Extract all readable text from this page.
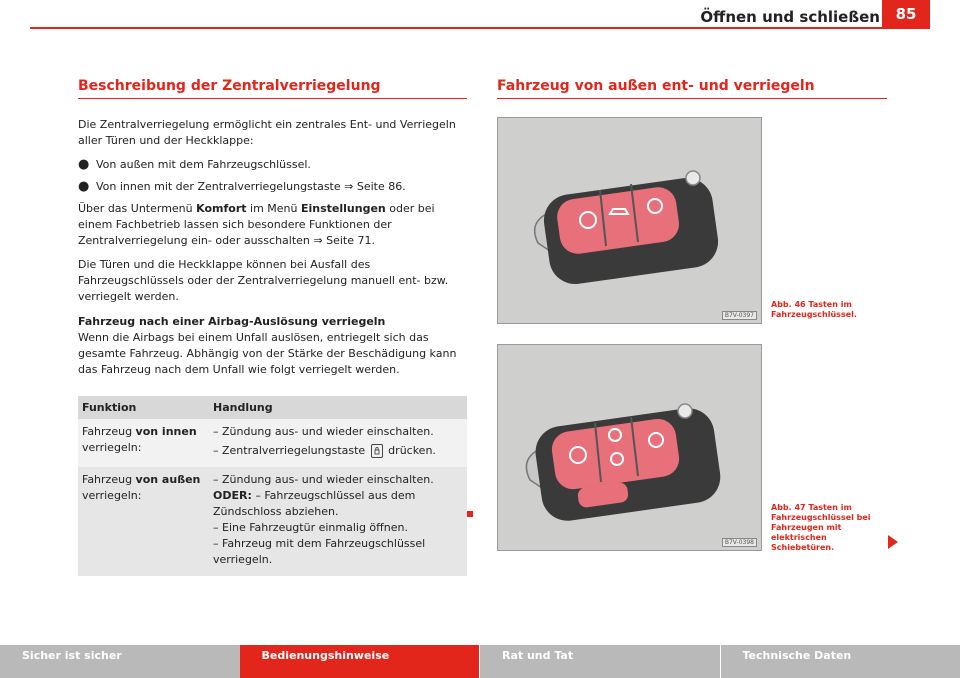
Öffnen und schließen	85
Beschreibung der Zentralverriegelung

Die Zentralverriegelung ermöglicht ein zentrales Ent- und Verriegeln aller Türen und der Heckklappe:

● Von außen mit dem Fahrzeugschlüssel.
● Von innen mit der Zentralverriegelungstaste ⇒ Seite 86.

Über das Untermenü Komfort im Menü Einstellungen oder bei einem Fachbetrieb lassen sich besondere Funktionen der Zentralverriegelung ein- oder ausschalten ⇒ Seite 71.

Die Türen und die Heckklappe können bei Ausfall des Fahrzeugschlüssels oder der Zentralverriegelung manuell ent- bzw. verriegelt werden.

Fahrzeug nach einer Airbag-Auslösung verriegeln

Wenn die Airbags bei einem Unfall auslösen, entriegelt sich das gesamte Fahrzeug. Abhängig von der Stärke der Beschädigung kann das Fahrzeug nach dem Unfall wie folgt verriegelt werden.

Funktion	Handlung
Fahrzeug von innen verriegeln:	– Zündung aus- und wieder einschalten.
– Zentralverriegelungstaste
drücken.

Fahrzeug von außen verriegeln:	– Zündung aus- und wieder einschalten.
ODER: – Fahrzeugschlüssel aus dem Zündschloss abziehen.
– Eine Fahrzeugtür einmalig öffnen.
– Fahrzeug mit dem Fahrzeugschlüssel verriegeln.
Fahrzeug von außen ent- und verriegeln
B7V-0397
Abb. 46 Tasten im Fahrzeugschlüssel.
B7V-0398
Abb. 47 Tasten im Fahrzeugschlüssel bei Fahrzeugen mit elektrischen Schiebetüren.
Sicher ist sicher	Bedienungshinweise	Rat und Tat	Technische Daten
